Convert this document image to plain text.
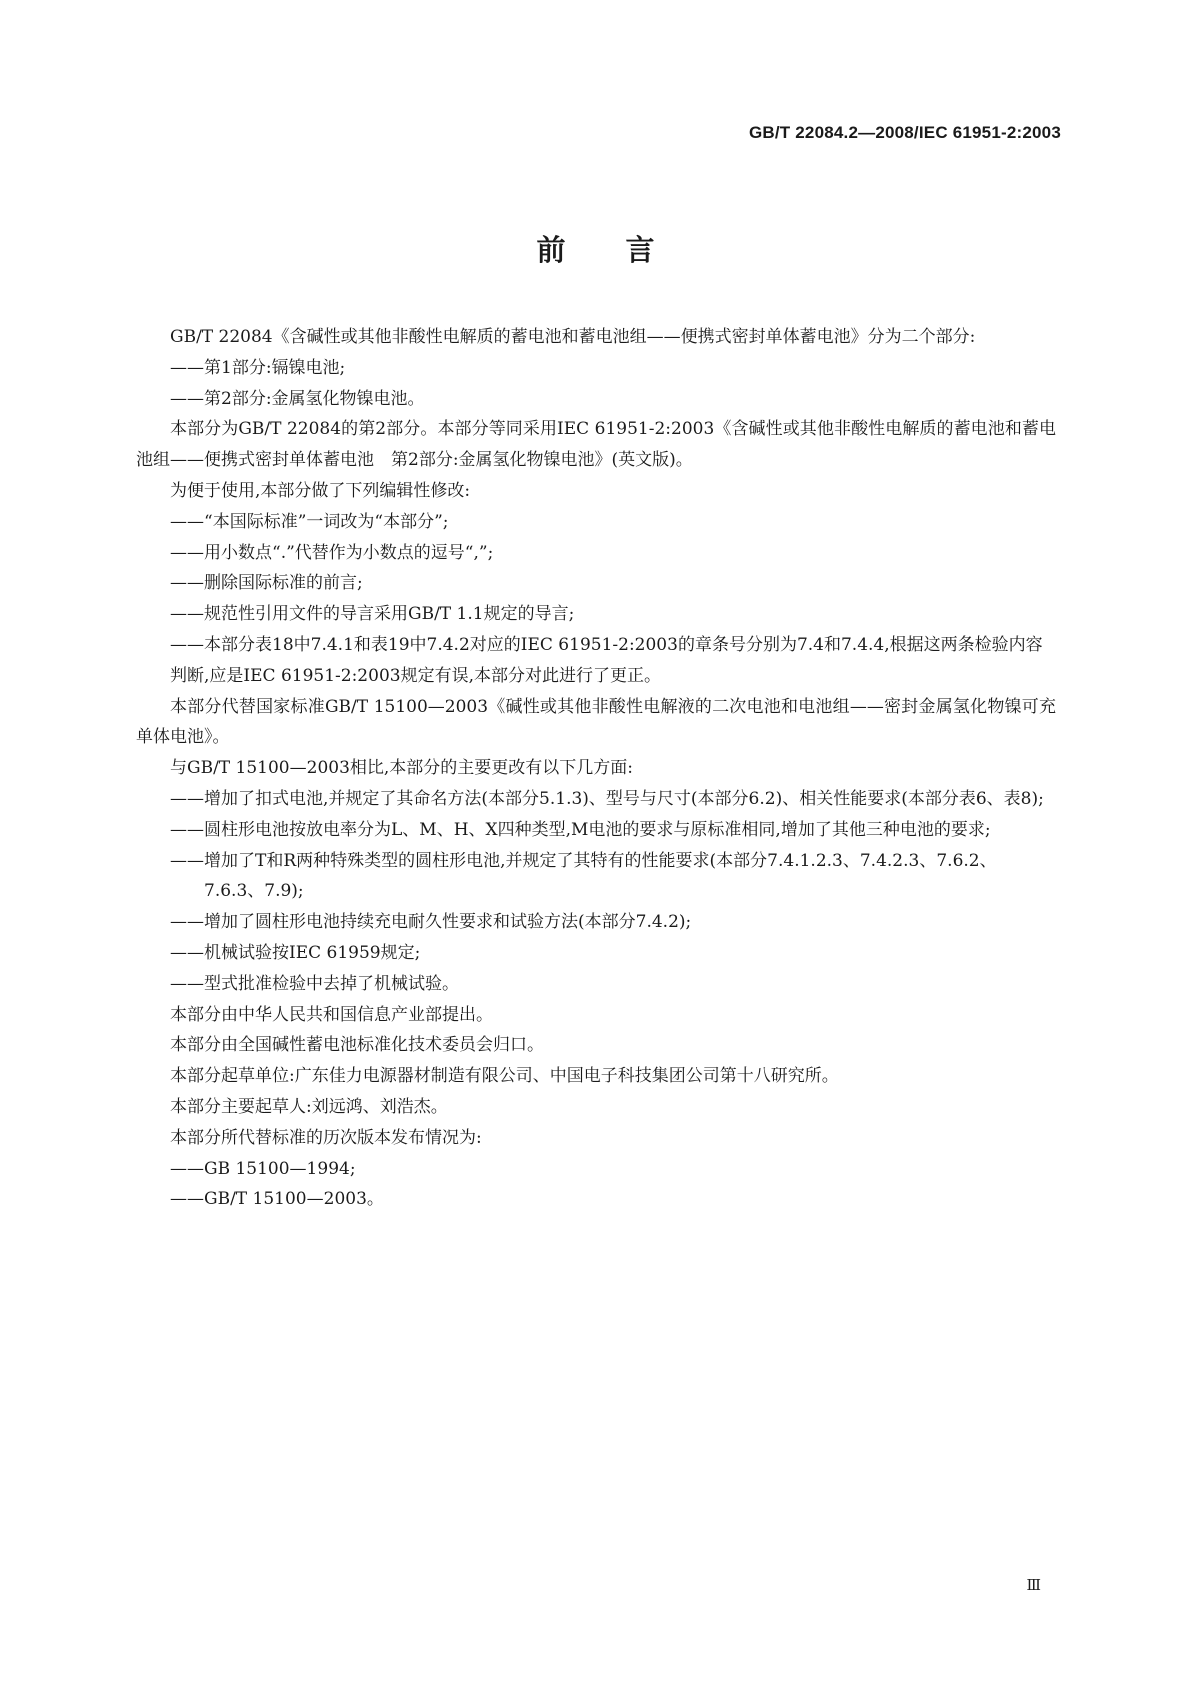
GB/T 22084.2—2008/IEC 61951-2:2003
前言

GB/T 22084《含碱性或其他非酸性电解质的蓄电池和蓄电池组——便携式密封单体蓄电池》分为二个部分:

——第1部分:镉镍电池;

——第2部分:金属氢化物镍电池。

本部分为GB/T 22084的第2部分。本部分等同采用IEC 61951-2:2003《含碱性或其他非酸性电解质的蓄电池和蓄电池组——便携式密封单体蓄电池　第2部分:金属氢化物镍电池》(英文版)。

为便于使用,本部分做了下列编辑性修改:

——“本国际标准”一词改为“本部分”;

——用小数点“.”代替作为小数点的逗号“,”;

——删除国际标准的前言;

——规范性引用文件的导言采用GB/T 1.1规定的导言;

——本部分表18中7.4.1和表19中7.4.2对应的IEC 61951-2:2003的章条号分别为7.4和7.4.4,根据这两条检验内容判断,应是IEC 61951-2:2003规定有误,本部分对此进行了更正。

本部分代替国家标准GB/T 15100—2003《碱性或其他非酸性电解液的二次电池和电池组——密封金属氢化物镍可充单体电池》。

与GB/T 15100—2003相比,本部分的主要更改有以下几方面:

——增加了扣式电池,并规定了其命名方法(本部分5.1.3)、型号与尺寸(本部分6.2)、相关性能要求(本部分表6、表8);

——圆柱形电池按放电率分为L、M、H、X四种类型,M电池的要求与原标准相同,增加了其他三种电池的要求;

——增加了T和R两种特殊类型的圆柱形电池,并规定了其特有的性能要求(本部分7.4.1.2.3、7.4.2.3、7.6.2、7.6.3、7.9);

——增加了圆柱形电池持续充电耐久性要求和试验方法(本部分7.4.2);

——机械试验按IEC 61959规定;

——型式批准检验中去掉了机械试验。

本部分由中华人民共和国信息产业部提出。

本部分由全国碱性蓄电池标准化技术委员会归口。

本部分起草单位:广东佳力电源器材制造有限公司、中国电子科技集团公司第十八研究所。

本部分主要起草人:刘远鸿、刘浩杰。

本部分所代替标准的历次版本发布情况为:

——GB 15100—1994;

——GB/T 15100—2003。

Ⅲ
